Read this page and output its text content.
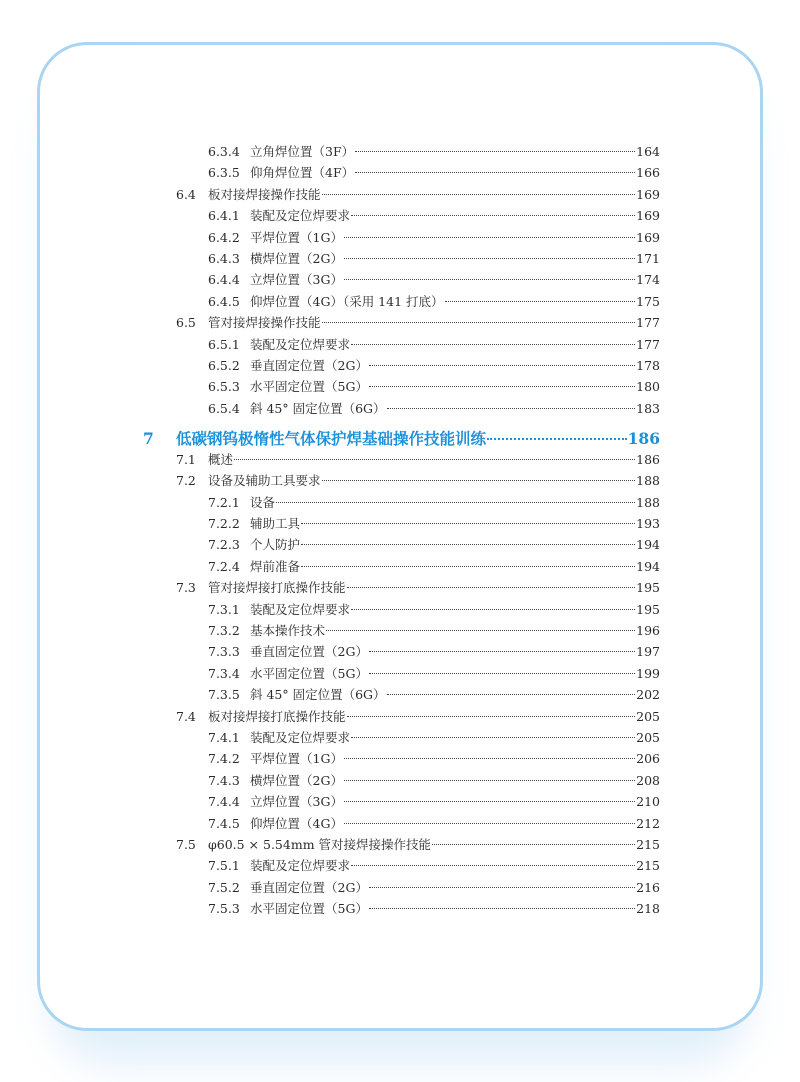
6.3.4 立角焊位置（3F）	164
6.3.5 仰角焊位置（4F）	166
6.4 板对接焊接操作技能	169
6.4.1 装配及定位焊要求	169
6.4.2 平焊位置（1G）	169
6.4.3 横焊位置（2G）	171
6.4.4 立焊位置（3G）	174
6.4.5 仰焊位置（4G）（采用 141 打底）	175
6.5 管对接焊接操作技能	177
6.5.1 装配及定位焊要求	177
6.5.2 垂直固定位置（2G）	178
6.5.3 水平固定位置（5G）	180
6.5.4 斜 45° 固定位置（6G）	183
7	低碳钢钨极惰性气体保护焊基础操作技能训练	186
7.1 概述	186
7.2 设备及辅助工具要求	188
7.2.1 设备	188
7.2.2 辅助工具	193
7.2.3 个人防护	194
7.2.4 焊前准备	194
7.3 管对接焊接打底操作技能	195
7.3.1 装配及定位焊要求	195
7.3.2 基本操作技术	196
7.3.3 垂直固定位置（2G）	197
7.3.4 水平固定位置（5G）	199
7.3.5 斜 45° 固定位置（6G）	202
7.4 板对接焊接打底操作技能	205
7.4.1 装配及定位焊要求	205
7.4.2 平焊位置（1G）	206
7.4.3 横焊位置（2G）	208
7.4.4 立焊位置（3G）	210
7.4.5 仰焊位置（4G）	212
7.5 φ60.5 × 5.54mm 管对接焊接操作技能	215
7.5.1 装配及定位焊要求	215
7.5.2 垂直固定位置（2G）	216
7.5.3 水平固定位置（5G）	218
